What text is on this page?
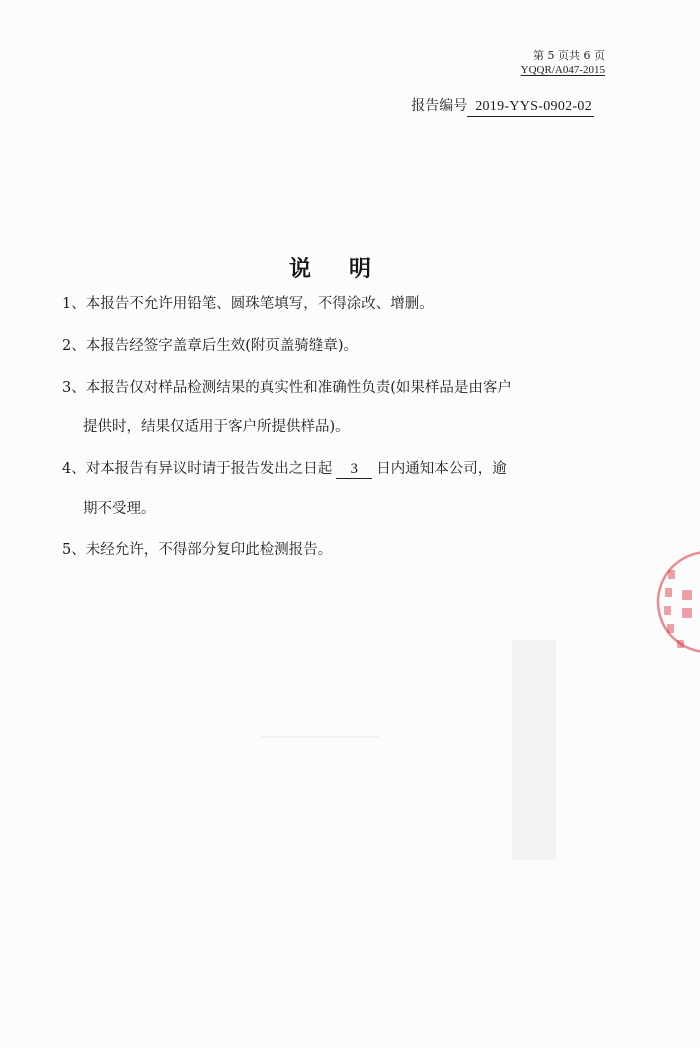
第 5 页共 6 页
YQQR/A047-2015
报告编号 2019-YYS-0902-02
说明
1、本报告不允许用铅笔、圆珠笔填写，不得涂改、增删。
2、本报告经签字盖章后生效(附页盖骑缝章)。
3、本报告仅对样品检测结果的真实性和准确性负责(如果样品是由客户
提供时，结果仅适用于客户所提供样品)。
4、对本报告有异议时请于报告发出之日起 3 日内通知本公司，逾
期不受理。
5、未经允许，不得部分复印此检测报告。
